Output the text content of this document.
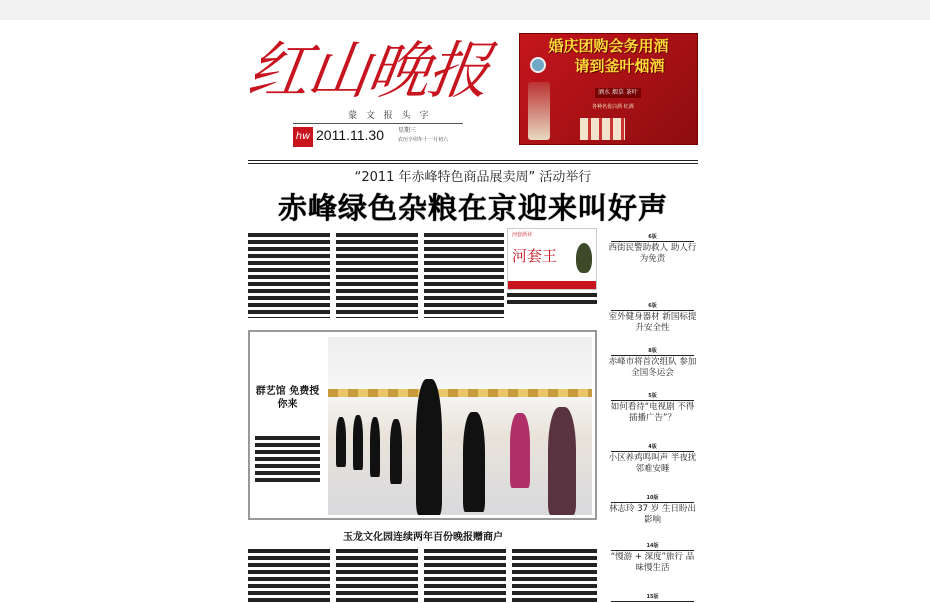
红山晚报
蒙 文 报 头 字
hw 2011.11.30 星期三
农历辛卯年十一月初六
婚庆团购会务用酒
请到釜叶烟酒
酒水 烟草 茶叶
各种名优白酒 红酒
“2011 年赤峰特色商品展卖周” 活动举行
赤峰绿色杂粮在京迎来叫好声
河套酒业
河套王
6版
西街民警助救人 助人行为免责
6版
室外健身器材 新国标提升安全性
8版
赤峰市将首次组队 参加全国冬运会
5版
如何看待“电视剧 不得插播广告”？
4版
小区养鸡鸣叫声 半夜扰邻难安睡
10版
林志玲 37 岁 生日盼出影响
14版
“慢游 + 深度”旅行 品味慢生活
15版
群艺馆 免费授你来
玉龙文化园连续两年百份晚报赠商户
